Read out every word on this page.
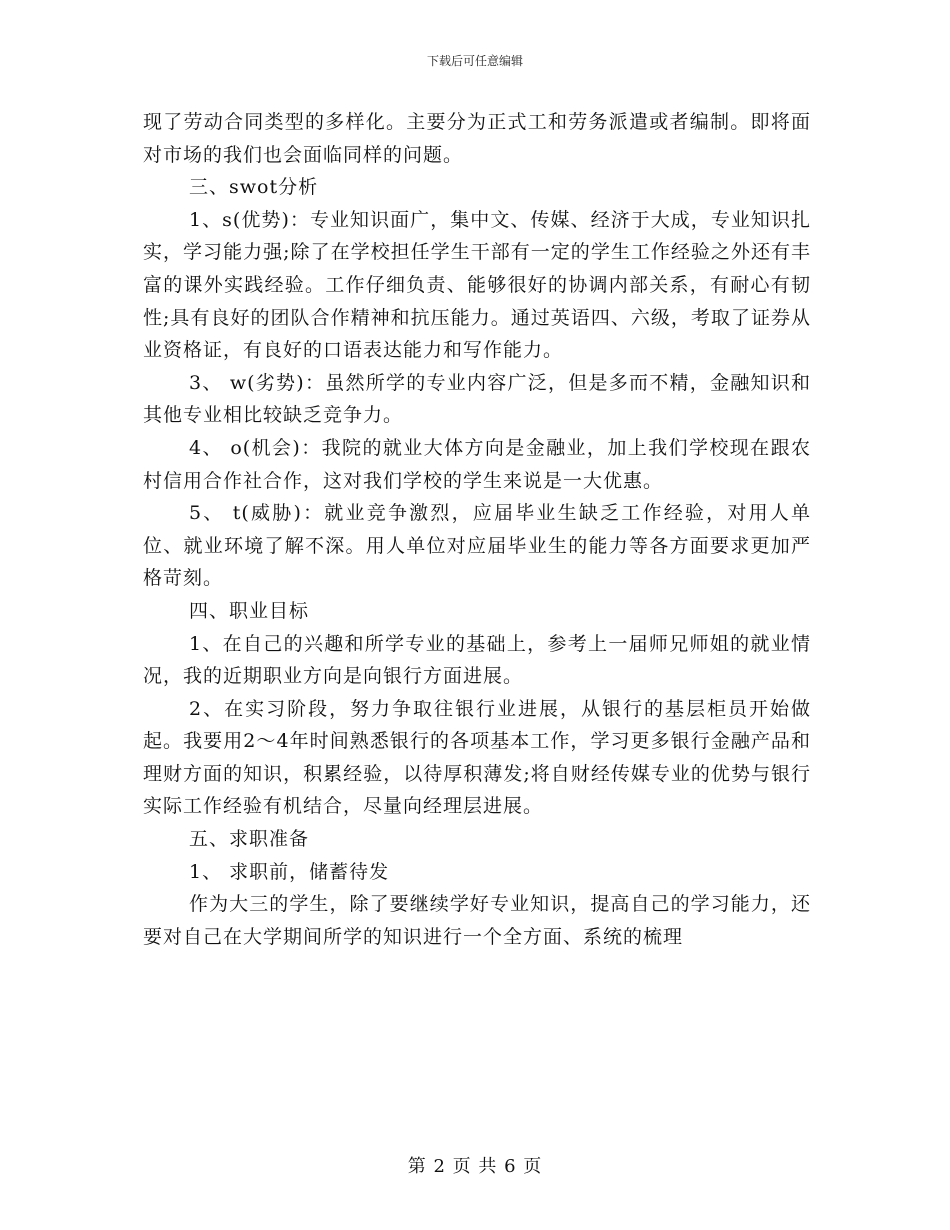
下载后可任意编辑

现了劳动合同类型的多样化。主要分为正式工和劳务派遣或者编制。即将面对市场的我们也会面临同样的问题。

三、swot分析

1、s(优势)：专业知识面广，集中文、传媒、经济于大成，专业知识扎实，学习能力强;除了在学校担任学生干部有一定的学生工作经验之外还有丰富的课外实践经验。工作仔细负责、能够很好的协调内部关系，有耐心有韧性;具有良好的团队合作精神和抗压能力。通过英语四、六级，考取了证券从业资格证，有良好的口语表达能力和写作能力。

3、 w(劣势)：虽然所学的专业内容广泛，但是多而不精，金融知识和其他专业相比较缺乏竞争力。

4、 o(机会)：我院的就业大体方向是金融业，加上我们学校现在跟农村信用合作社合作，这对我们学校的学生来说是一大优惠。

5、 t(威胁)：就业竞争激烈，应届毕业生缺乏工作经验，对用人单位、就业环境了解不深。用人单位对应届毕业生的能力等各方面要求更加严格苛刻。

四、职业目标

1、在自己的兴趣和所学专业的基础上，参考上一届师兄师姐的就业情况，我的近期职业方向是向银行方面进展。

2、在实习阶段，努力争取往银行业进展，从银行的基层柜员开始做起。我要用2～4年时间熟悉银行的各项基本工作，学习更多银行金融产品和理财方面的知识，积累经验，以待厚积薄发;将自财经传媒专业的优势与银行实际工作经验有机结合，尽量向经理层进展。

五、求职准备

1、 求职前，储蓄待发

作为大三的学生，除了要继续学好专业知识，提高自己的学习能力，还要对自己在大学期间所学的知识进行一个全方面、系统的梳理

第 2 页 共 6 页
